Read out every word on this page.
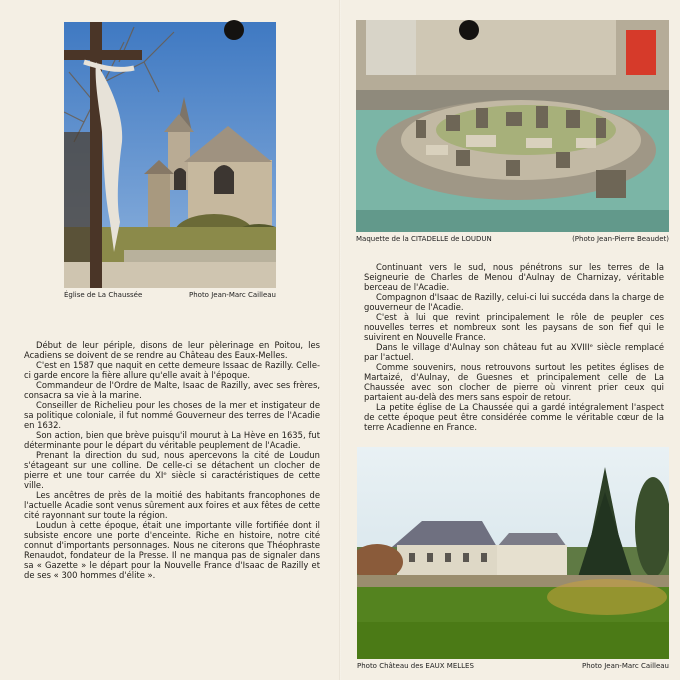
Église de La Chaussée	Photo Jean-Marc Cailleau
Maquette de la CITADELLE de LOUDUN	(Photo Jean-Pierre Beaudet)
Photo Château des EAUX MELLES	Photo Jean-Marc Cailleau

Début de leur périple, disons de leur pèlerinage en Poitou, les Acadiens se doivent de se rendre au Château des Eaux-Melles.

C'est en 1587 que naquit en cette demeure Issaac de Razilly. Celle-ci garde encore la fière allure qu'elle avait à l'époque.

Commandeur de l'Ordre de Malte, Isaac de Razilly, avec ses frères, consacra sa vie à la marine.

Conseiller de Richelieu pour les choses de la mer et instigateur de sa politique coloniale, il fut nommé Gouverneur des terres de l'Acadie en 1632.

Son action, bien que brève puisqu'il mourut à La Hève en 1635, fut déterminante pour le départ du véritable peuplement de l'Acadie.

Prenant la direction du sud, nous apercevons la cité de Loudun s'étageant sur une colline. De celle-ci se détachent un clocher de pierre et une tour carrée du XIᵉ siècle si caractéristiques de cette ville.

Les ancêtres de près de la moitié des habitants francophones de l'actuelle Acadie sont venus sûrement aux foires et aux fêtes de cette cité rayonnant sur toute la région.

Loudun à cette époque, était une importante ville fortifiée dont il subsiste encore une porte d'enceinte. Riche en histoire, notre cité connut d'importants personnages. Nous ne citerons que Théophraste Renaudot, fondateur de la Presse. Il ne manqua pas de signaler dans sa « Gazette » le départ pour la Nouvelle France d'Isaac de Razilly et de ses « 300 hommes d'élite ».

Continuant vers le sud, nous pénétrons sur les terres de la Seigneurie de Charles de Menou d'Aulnay de Charnizay, véritable berceau de l'Acadie.

Compagnon d'Isaac de Razilly, celui-ci lui succéda dans la charge de gouverneur de l'Acadie.

C'est à lui que revint principalement le rôle de peupler ces nouvelles terres et nombreux sont les paysans de son fief qui le suivirent en Nouvelle France.

Dans le village d'Aulnay son château fut au XVIIIᵉ siècle remplacé par l'actuel.

Comme souvenirs, nous retrouvons surtout les petites églises de Martaizé, d'Aulnay, de Guesnes et principalement celle de La Chaussée avec son clocher de pierre où vinrent prier ceux qui partaient au-delà des mers sans espoir de retour.

La petite église de La Chaussée qui a gardé intégralement l'aspect de cette époque peut être considérée comme le véritable cœur de la terre Acadienne en France.
